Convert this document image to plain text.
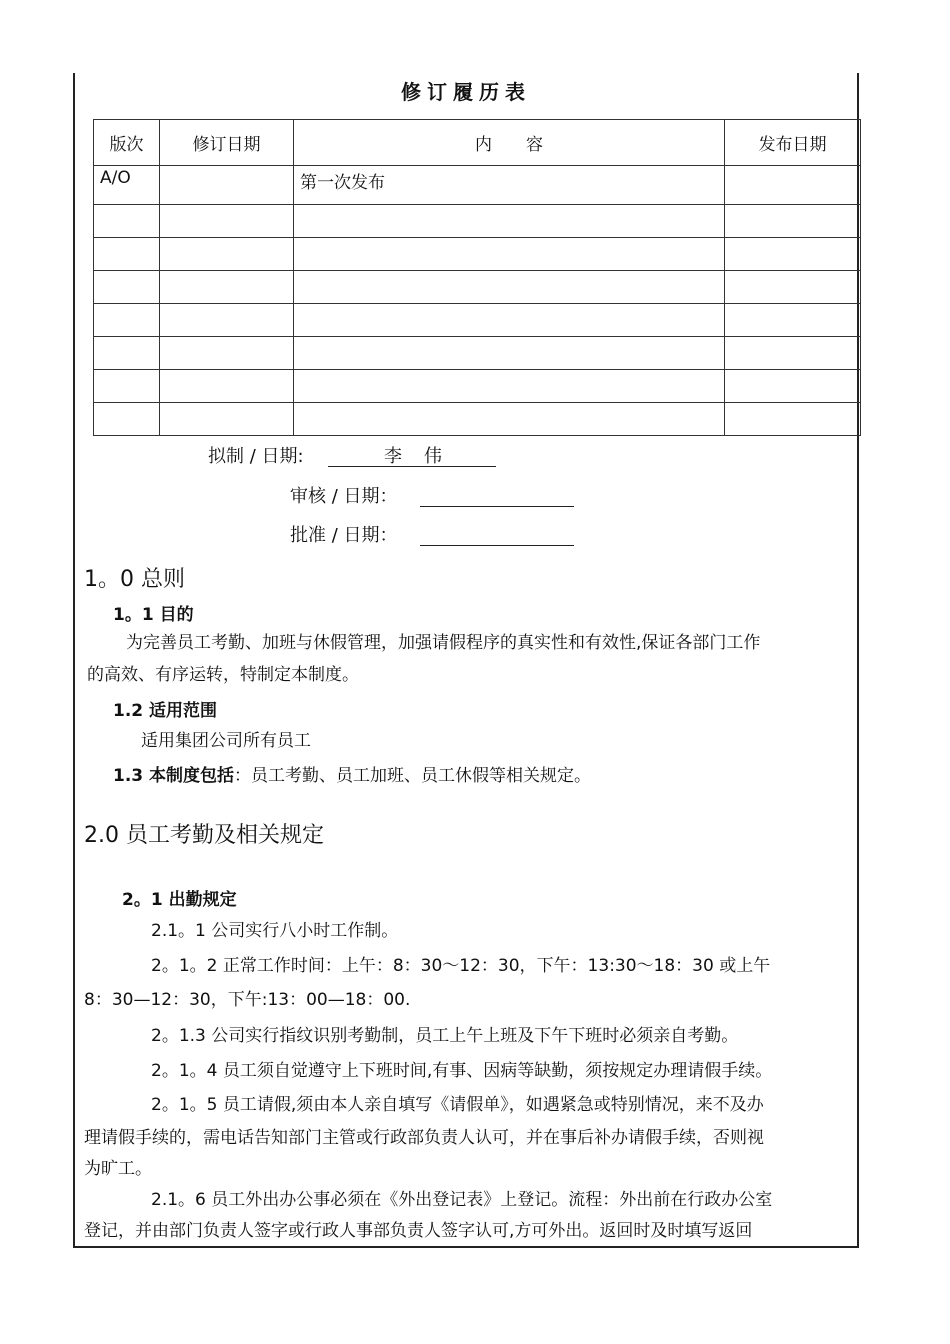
修订履历表
版次	修订日期	内　　容	发布日期
A/O		第一次发布	

拟制 / 日期:	李　伟
审核 / 日期：
批准 / 日期：
1。0 总则
1。1 目的
为完善员工考勤、加班与休假管理，加强请假程序的真实性和有效性,保证各部门工作
的高效、有序运转，特制定本制度。
1.2 适用范围
适用集团公司所有员工
1.3 本制度包括：员工考勤、员工加班、员工休假等相关规定。
2.0 员工考勤及相关规定
2。1 出勤规定
2.1。1 公司实行八小时工作制。
2。1。2 正常工作时间：上午：8：30～12：30，下午：13:30～18：30 或上午
8：30—12：30，下午:13：00—18：00.
2。1.3 公司实行指纹识别考勤制，员工上午上班及下午下班时必须亲自考勤。
2。1。4 员工须自觉遵守上下班时间,有事、因病等缺勤，须按规定办理请假手续。
2。1。5 员工请假,须由本人亲自填写《请假单》，如遇紧急或特别情况，来不及办
理请假手续的，需电话告知部门主管或行政部负责人认可，并在事后补办请假手续，否则视
为旷工。
2.1。6 员工外出办公事必须在《外出登记表》上登记。流程：外出前在行政办公室
登记，并由部门负责人签字或行政人事部负责人签字认可,方可外出。返回时及时填写返回
